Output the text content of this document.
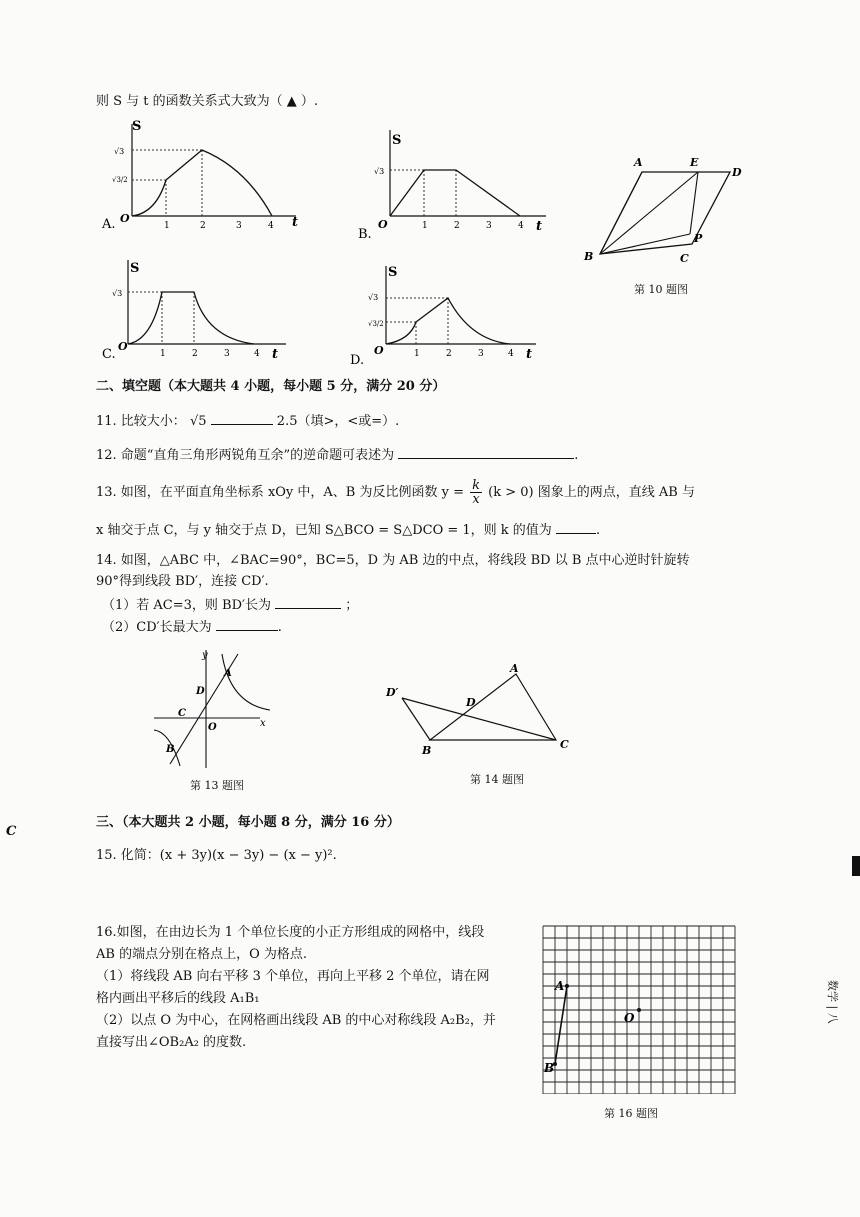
则 S 与 t 的函数关系式大致为（ ▲ ）.
A. O
S
t
1	2	3	4
√3
√3/2
B.
O
S
t
1	2	3	4
√3
A	E
D
B	C
P
第 10 题图
C.
O
S
t
1	2	3	4
√3
D.
O
S
t
1	2	3	4
√3
√3/2
二、填空题（本大题共 4 小题，每小题 5 分，满分 20 分）
11. 比较大小： √5	2.5（填>，<或=）.
12. 命题“直角三角形两锐角互余”的逆命题可表述为	.
13. 如图，在平面直角坐标系 xOy 中，A、B 为反比例函数 $y = \frac{k}{x} (k > 0)$ 图象上的两点，直线 AB 与
x 轴交于点 C，与 y 轴交于点 D，已知 S△BCO = S△DCO = 1，则 k 的值为	.
14. 如图，△ABC 中，∠BAC=90°，BC=5，D 为 AB 边的中点，将线段 BD 以 B 点中心逆时针旋转
90°得到线段 BD′，连接 CD′.
（1）若 AC=3，则 BD′长为	；
（2）CD′长最大为	.
y
A
D
C
O	x
B
第 13 题图
A
D′
D
B	C
第 14 题图
C
三、（本大题共 2 小题，每小题 8 分，满分 16 分）
15. 化简：(x + 3y)(x − 3y) − (x − y)².
16.如图，在由边长为 1 个单位长度的小正方形组成的网格中，线段
AB 的端点分别在格点上，O 为格点.
（1）将线段 AB 向右平移 3 个单位，再向上平移 2 个单位，请在网
格内画出平移后的线段 A₁B₁
（2）以点 O 为中心，在网格画出线段 AB 的中心对称线段 A₂B₂，并
直接写出∠OB₂A₂ 的度数.
A
O
B
第 16 题图
数学 | 八
